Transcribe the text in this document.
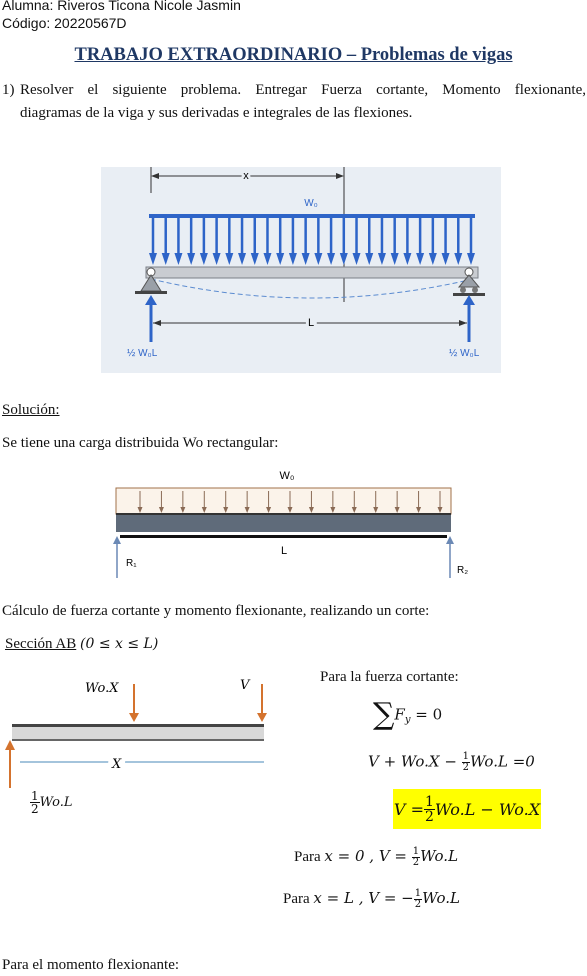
Alumna: Riveros Ticona Nicole Jasmin
Código: 20220567D
TRABAJO EXTRAORDINARIO – Problemas de vigas
1) Resolver el siguiente problema. Entregar Fuerza cortante, Momento flexionante,
diagramas de la viga y sus derivadas e integrales de las flexiones.
x
W₀
L
½ W₀L	½ W₀L
Solución:
Se tiene una carga distribuida Wo rectangular:
W₀
L
R₁
R₂
Cálculo de fuerza cortante y momento flexionante, realizando un corte:
Sección AB (0 ≤ x ≤ L)
Wo.X	V
X
$\frac{1}{2} Wo.L$
Para la fuerza cortante:
$\sum F_y = 0$
$V + Wo.X - \frac{1}{2} Wo.L =0$
$V = \frac{1}{2} Wo.L - Wo.X$
Para x = 0 , $V = \frac{1}{2} Wo.L$
Para x = L , V = − $\frac{1}{2} Wo.L$
Para el momento flexionante:
